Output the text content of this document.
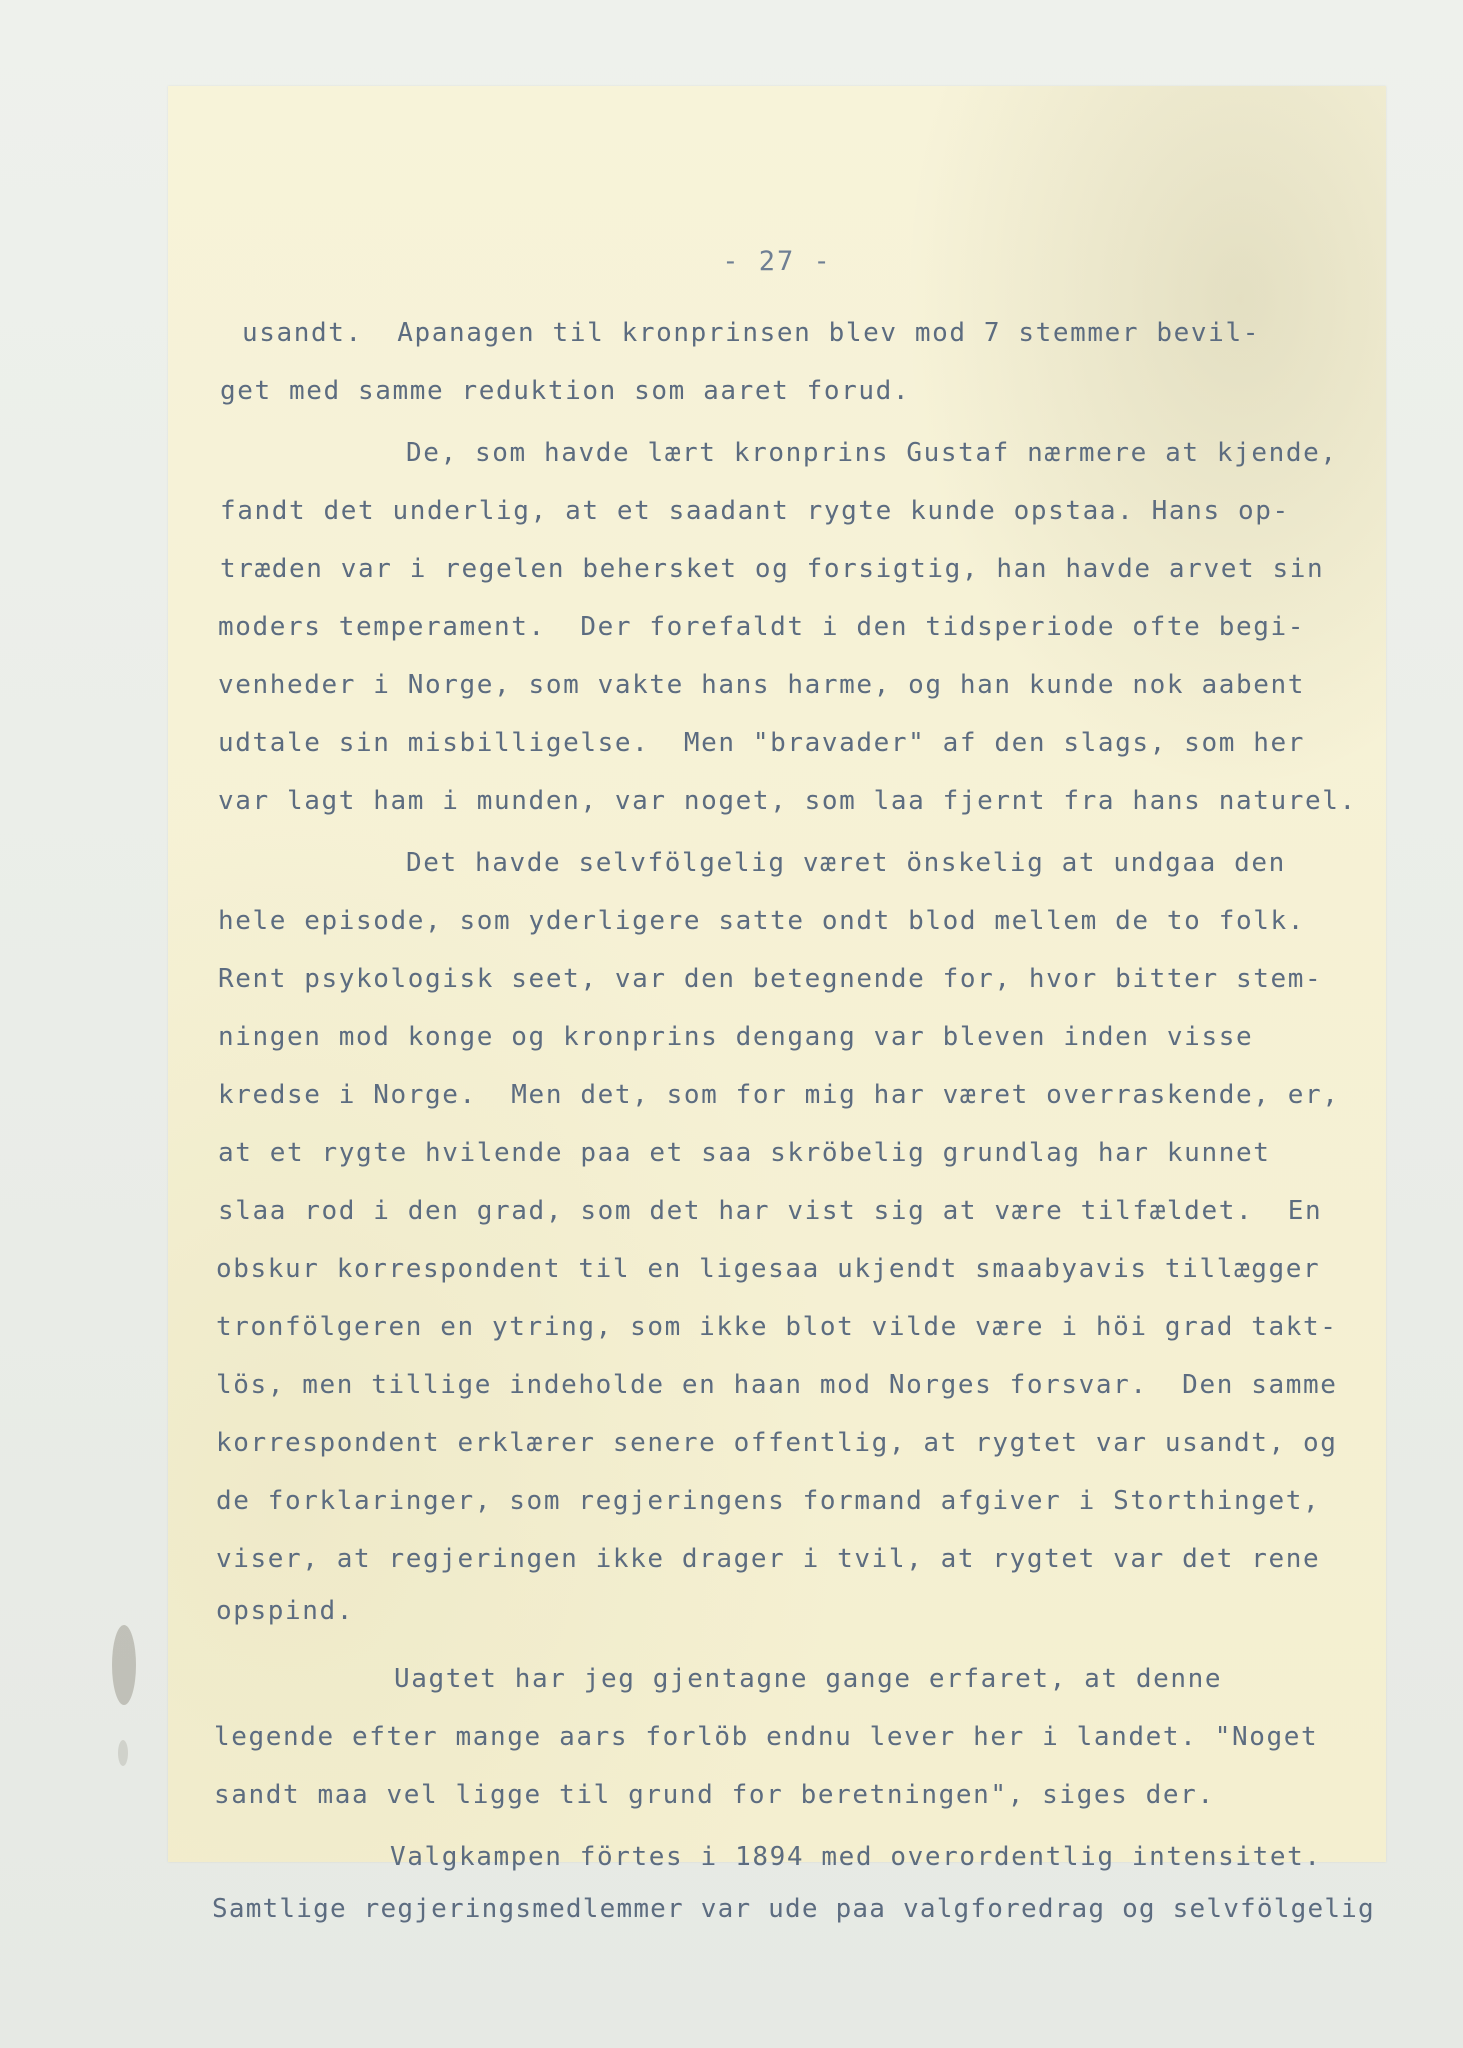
- 27 -
usandt.  Apanagen til kronprinsen blev mod 7 stemmer bevil-
get med samme reduktion som aaret forud.
De, som havde lært kronprins Gustaf nærmere at kjende,
fandt det underlig, at et saadant rygte kunde opstaa. Hans op-
træden var i regelen behersket og forsigtig, han havde arvet sin
moders temperament.  Der forefaldt i den tidsperiode ofte begi-
venheder i Norge, som vakte hans harme, og han kunde nok aabent
udtale sin misbilligelse.  Men "bravader" af den slags, som her
var lagt ham i munden, var noget, som laa fjernt fra hans naturel.
Det havde selvfölgelig været önskelig at undgaa den
hele episode, som yderligere satte ondt blod mellem de to folk.
Rent psykologisk seet, var den betegnende for, hvor bitter stem-
ningen mod konge og kronprins dengang var bleven inden visse
kredse i Norge.  Men det, som for mig har været overraskende, er,
at et rygte hvilende paa et saa skröbelig grundlag har kunnet
slaa rod i den grad, som det har vist sig at være tilfældet.  En
obskur korrespondent til en ligesaa ukjendt smaabyavis tillægger
tronfölgeren en ytring, som ikke blot vilde være i höi grad takt-
lös, men tillige indeholde en haan mod Norges forsvar.  Den samme
korrespondent erklærer senere offentlig, at rygtet var usandt, og
de forklaringer, som regjeringens formand afgiver i Storthinget,
viser, at regjeringen ikke drager i tvil, at rygtet var det rene
opspind.
Uagtet har jeg gjentagne gange erfaret, at denne
legende efter mange aars forlöb endnu lever her i landet. "Noget
sandt maa vel ligge til grund for beretningen", siges der.
Valgkampen förtes i 1894 med overordentlig intensitet.
Samtlige regjeringsmedlemmer var ude paa valgforedrag og selvfölgelig
